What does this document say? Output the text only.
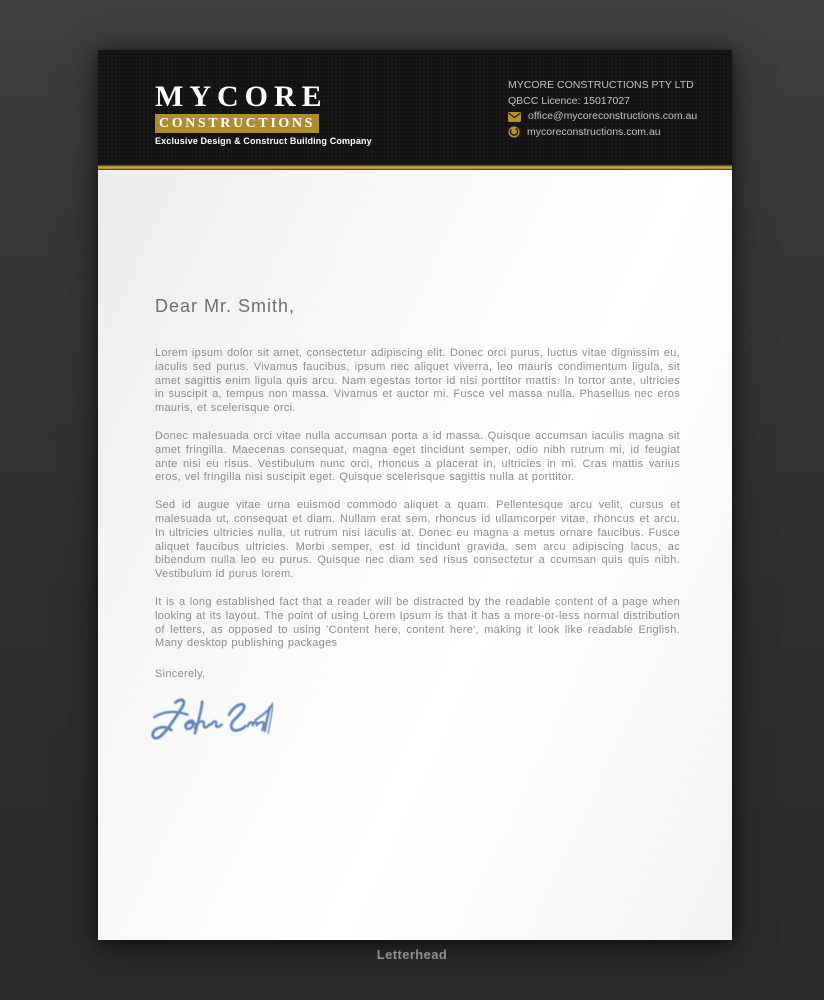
MYCORE
CONSTRUCTIONS
Exclusive Design & Construct Building Company
MYCORE CONSTRUCTIONS PTY LTD
QBCC Licence: 15017027
office@mycoreconstructions.com.au
mycoreconstructions.com.au
Dear Mr. Smith,

Lorem ipsum dolor sit amet, consectetur adipiscing elit. Donec orci purus, luctus vitae dignissim eu, iaculis sed purus. Vivamus faucibus, ipsum nec aliquet viverra, leo mauris condimentum ligula, sit amet sagittis enim ligula quis arcu. Nam egestas tortor id nisi porttitor mattis. In tortor ante, ultricies in suscipit a, tempus non massa. Vivamus et auctor mi. Fusce vel massa nulla. Phasellus nec eros mauris, et scelerisque orci.

Donec malesuada orci vitae nulla accumsan porta a id massa. Quisque accumsan iaculis magna sit amet fringilla. Maecenas consequat, magna eget tincidunt semper, odio nibh rutrum mi, id feugiat ante nisi eu risus. Vestibulum nunc orci, rhoncus a placerat in, ultricies in mi. Cras mattis varius eros, vel fringilla nisi suscipit eget. Quisque scelerisque sagittis nulla at porttitor.

Sed id augue vitae urna euismod commodo aliquet a quam. Pellentesque arcu velit, cursus et malesuada ut, consequat et diam. Nullam erat sem, rhoncus id ullamcorper vitae, rhoncus et arcu. In ultricies ultricies nulla, ut rutrum nisi iaculis at. Donec eu magna a metus ornare faucibus. Fusce aliquet faucibus ultricies. Morbi semper, est id tincidunt gravida, sem arcu adipiscing lacus, ac bibendum nulla leo eu purus. Quisque nec diam sed risus consectetur a ccumsan quis quis nibh. Vestibulum id purus lorem.

It is a long established fact that a reader will be distracted by the readable content of a page when looking at its layout. The point of using Lorem Ipsum is that it has a more-or-less normal distribution of letters, as opposed to using 'Content here, content here', making it look like readable English. Many desktop publishing packages

Sincerely,
Letterhead
